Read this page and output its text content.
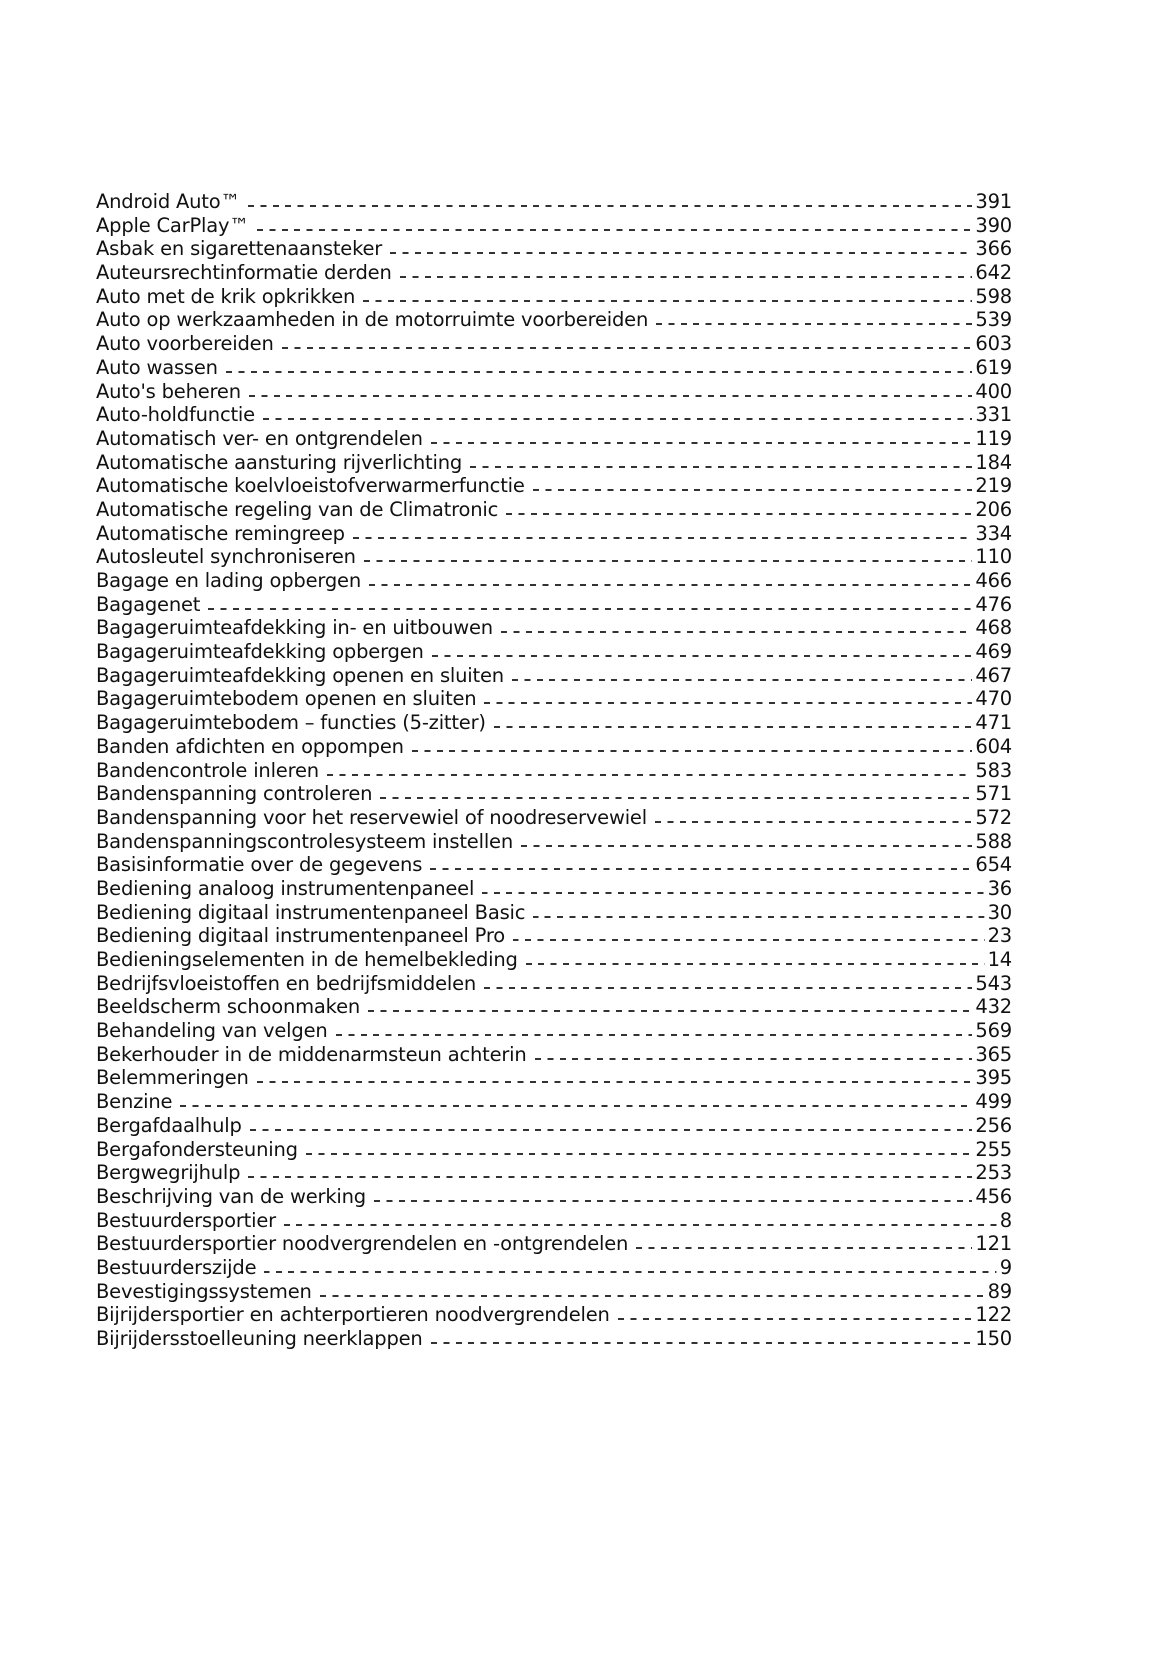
Android Auto™	391
Apple CarPlay™	390
Asbak en sigarettenaansteker	366
Auteursrechtinformatie derden	642
Auto met de krik opkrikken	598
Auto op werkzaamheden in de motorruimte voorbereiden	539
Auto voorbereiden	603
Auto wassen	619
Auto's beheren	400
Auto-holdfunctie	331
Automatisch ver- en ontgrendelen	119
Automatische aansturing rijverlichting	184
Automatische koelvloeistofverwarmerfunctie	219
Automatische regeling van de Climatronic	206
Automatische remingreep	334
Autosleutel synchroniseren	110
Bagage en lading opbergen	466
Bagagenet	476
Bagageruimteafdekking in- en uitbouwen	468
Bagageruimteafdekking opbergen	469
Bagageruimteafdekking openen en sluiten	467
Bagageruimtebodem openen en sluiten	470
Bagageruimtebodem – functies (5-zitter)	471
Banden afdichten en oppompen	604
Bandencontrole inleren	583
Bandenspanning controleren	571
Bandenspanning voor het reservewiel of noodreservewiel	572
Bandenspanningscontrolesysteem instellen	588
Basisinformatie over de gegevens	654
Bediening analoog instrumentenpaneel	36
Bediening digitaal instrumentenpaneel Basic	30
Bediening digitaal instrumentenpaneel Pro	23
Bedieningselementen in de hemelbekleding	14
Bedrijfsvloeistoffen en bedrijfsmiddelen	543
Beeldscherm schoonmaken	432
Behandeling van velgen	569
Bekerhouder in de middenarmsteun achterin	365
Belemmeringen	395
Benzine	499
Bergafdaalhulp	256
Bergafondersteuning	255
Bergwegrijhulp	253
Beschrijving van de werking	456
Bestuurdersportier	8
Bestuurdersportier noodvergrendelen en -ontgrendelen	121
Bestuurderszijde	9
Bevestigingssystemen	89
Bijrijdersportier en achterportieren noodvergrendelen	122
Bijrijdersstoelleuning neerklappen	150
